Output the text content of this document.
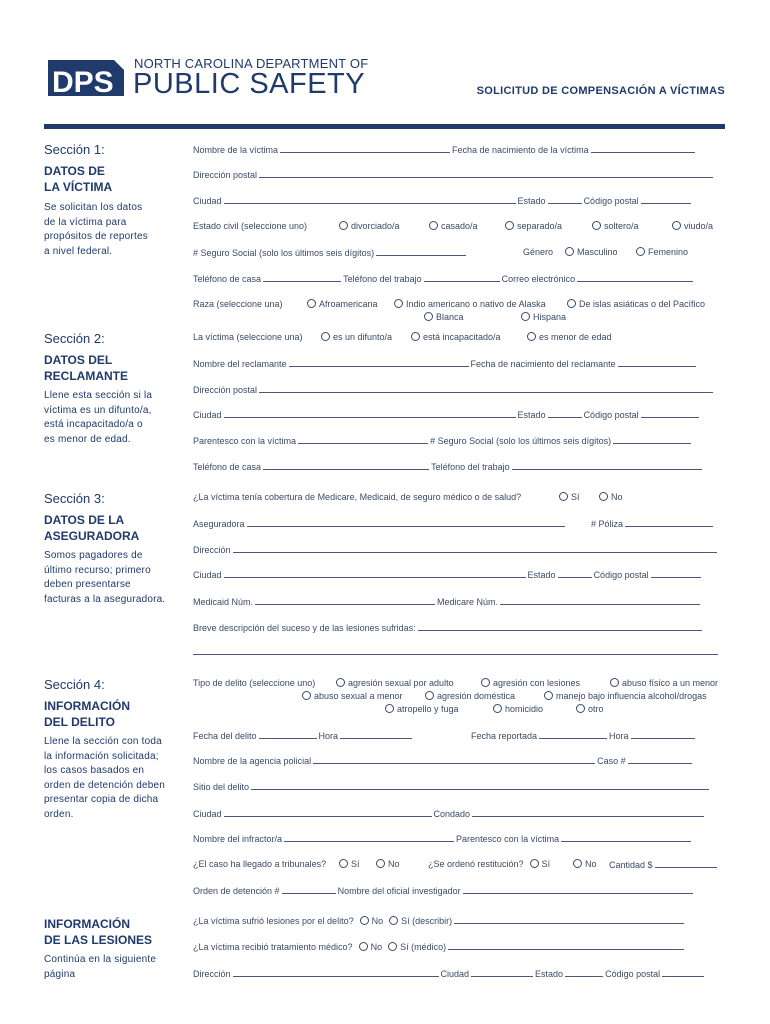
DPS
NORTH CAROLINA DEPARTMENT OF
PUBLIC SAFETY	SOLICITUD DE COMPENSACIÓN A VÍCTIMAS
Sección 1:
DATOS DE
LA VÍCTIMA
Se solicitan los datos
de la víctima para
propósitos de reportes
a nivel federal.
Nombre de la víctima	Fecha de nacimiento de la víctima
Dirección postal
Ciudad	Estado	Código postal
Estado civil (seleccione uno)	divorciado/a	casado/a	separado/a	soltero/a	viudo/a
# Seguro Social (solo los últimos seis dígitos)	Género	Masculino	Femenino
Teléfono de casa	Teléfono del trabajo	Correo electrónico
Raza (seleccione una)	Afroamericana	Indio americano o nativo de Alaska	De islas asiáticas o del Pacífico
Blanca	Hispana
Sección 2:
DATOS DEL
RECLAMANTE
Llene esta sección si la
víctima es un difunto/a,
está incapacitado/a o
es menor de edad.
La víctima (seleccione una)	es un difunto/a	está incapacitado/a	es menor de edad
Nombre del reclamante	Fecha de nacimiento del reclamante
Dirección postal
Ciudad	Estado	Código postal
Parentesco con la víctima	# Seguro Social (solo los últimos seis dígitos)
Teléfono de casa	Teléfono del trabajo
Sección 3:
DATOS DE LA
ASEGURADORA
Somos pagadores de
último recurso; primero
deben presentarse
facturas a la aseguradora.
¿La víctima tenía cobertura de Medicare, Medicaid, de seguro médico o de salud?	Sí	No
Aseguradora	# Póliza
Dirección
Ciudad	Estado	Código postal
Medicaid Núm.	Medicare Núm.
Breve descripción del suceso y de las lesiones sufridas:
Sección 4:
INFORMACIÓN
DEL DELITO
Llene la sección con toda
la información solicitada;
los casos basados en
orden de detención deben
presentar copia de dicha
orden.
Tipo de delito (seleccione uno)	agresión sexual por adulto	agresión con lesiones	abuso físico a un menor
abuso sexual a menor	agresión doméstica	manejo bajo influencia alcohol/drogas
atropello y fuga	homicidio	otro
Fecha del delito	Hora	Fecha reportada	Hora
Nombre de la agencia policial	Caso #
Sitio del delito
Ciudad	Condado
Nombre del infractor/a	Parentesco con la víctima
¿El caso ha llegado a tribunales?	Sí	No	¿Se ordenó restitución? Sí	No Cantidad $
Orden de detención #	Nombre del oficial investigador
INFORMACIÓN
DE LAS LESIONES
Continúa en la siguiente
página
¿La víctima sufrió lesiones por el delito? No Sí (describir)
¿La víctima recibió tratamiento médico? No Sí (médico)
Dirección	Ciudad	Estado	Código postal
